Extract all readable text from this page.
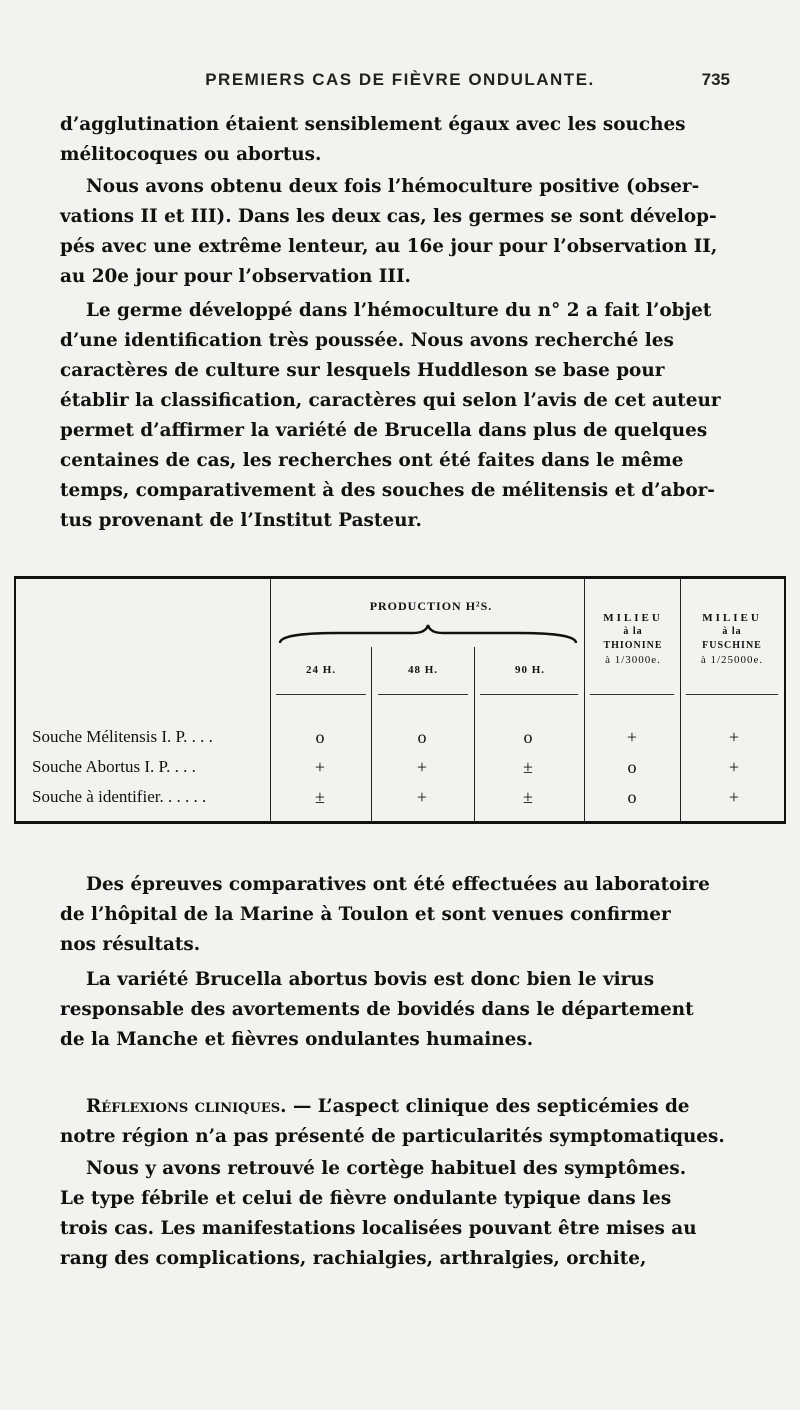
PREMIERS CAS DE FIÈVRE ONDULANTE.	735
d’agglutination étaient sensiblement égaux avec les souches
mélitocoques ou abortus.
Nous avons obtenu deux fois l’hémoculture positive (obser-
vations II et III). Dans les deux cas, les germes se sont dévelop-
pés avec une extrême lenteur, au 16e jour pour l’observation II,
au 20e jour pour l’observation III.
Le germe développé dans l’hémoculture du n° 2 a fait l’objet
d’une identification très poussée. Nous avons recherché les
caractères de culture sur lesquels Huddleson se base pour
établir la classification, caractères qui selon l’avis de cet auteur
permet d’affirmer la variété de Brucella dans plus de quelques
centaines de cas, les recherches ont été faites dans le même
temps, comparativement à des souches de mélitensis et d’abor-
tus provenant de l’Institut Pasteur.
PRODUCTION H²S.
24 H.	48 H.	90 H.
MILIEU
à la
THIONINE
à 1/3000e.
MILIEU
à la
FUSCHINE
à 1/25000e.
Souche Mélitensis I. P. . . .	o	o	o	+	+
Souche Abortus I. P. . . .	+	+	±	o	+
Souche à identifier. . . . . .	±	+	±	o	+
Des épreuves comparatives ont été effectuées au laboratoire
de l’hôpital de la Marine à Toulon et sont venues confirmer
nos résultats.
La variété Brucella abortus bovis est donc bien le virus
responsable des avortements de bovidés dans le département
de la Manche et fièvres ondulantes humaines.
Réflexions cliniques. — L’aspect clinique des septicémies de
notre région n’a pas présenté de particularités symptomatiques.
Nous y avons retrouvé le cortège habituel des symptômes.
Le type fébrile et celui de fièvre ondulante typique dans les
trois cas. Les manifestations localisées pouvant être mises au
rang des complications, rachialgies, arthralgies, orchite,
